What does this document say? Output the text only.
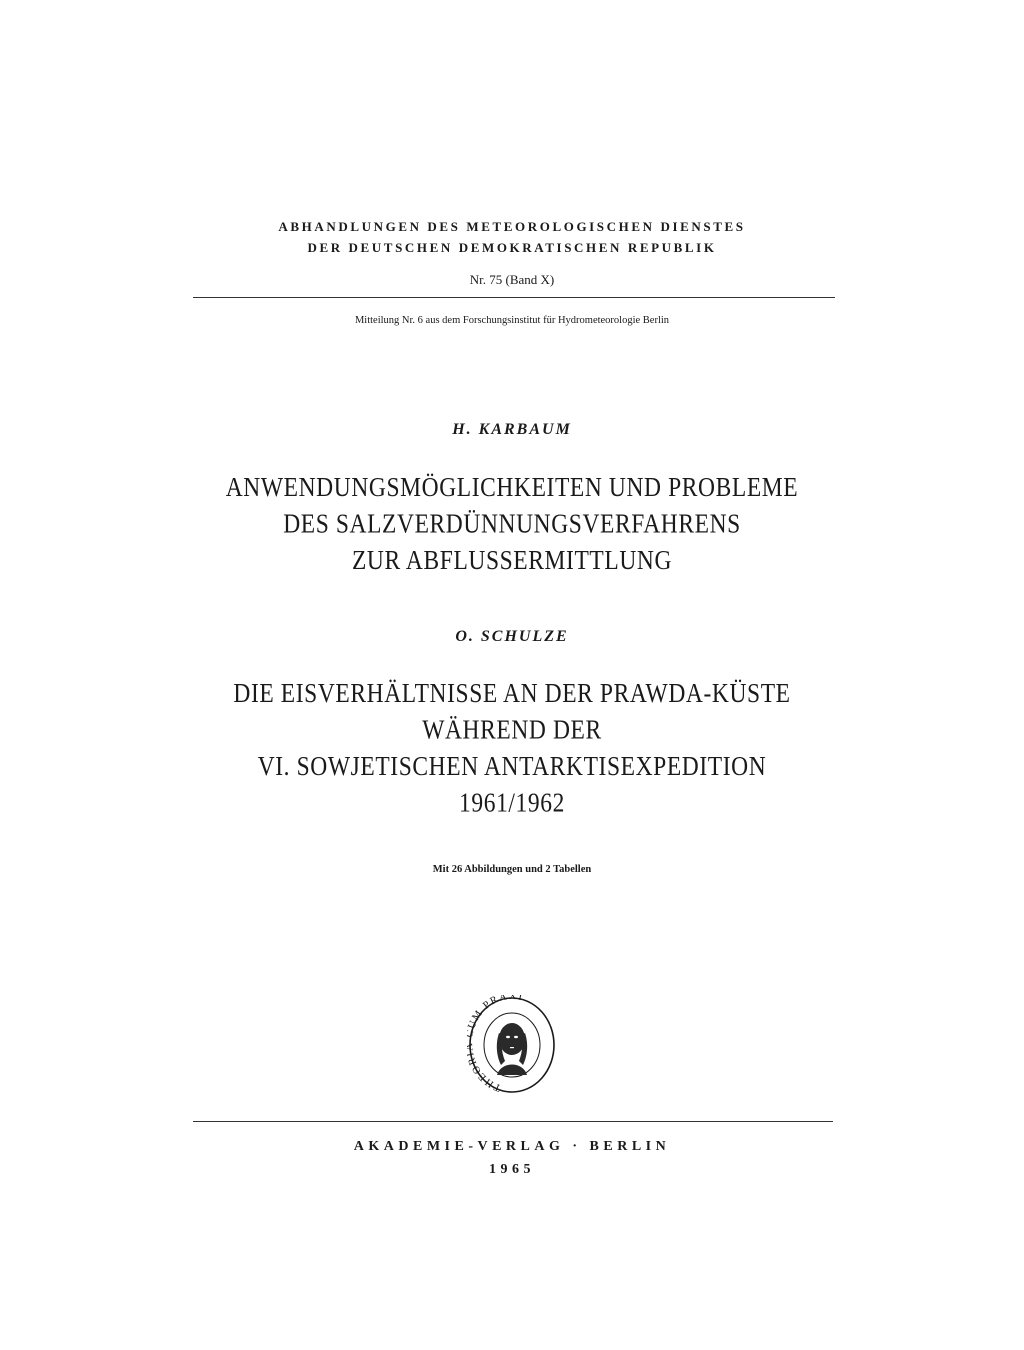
ABHANDLUNGEN DES METEOROLOGISCHEN DIENSTES
DER DEUTSCHEN DEMOKRATISCHEN REPUBLIK
Nr. 75 (Band X)
Mitteilung Nr. 6 aus dem Forschungsinstitut für Hydrometeorologie Berlin
H. KARBAUM
ANWENDUNGSMÖGLICHKEITEN UND PROBLEME
DES SALZVERDÜNNUNGSVERFAHRENS
ZUR ABFLUSSERMITTLUNG
O. SCHULZE
DIE EISVERHÄLTNISSE AN DER PRAWDA-KÜSTE
WÄHREND DER
VI. SOWJETISCHEN ANTARKTISEXPEDITION
1961/1962
Mit 26 Abbildungen und 2 Tabellen
THEOR UM PRAXI
AKADEMIE-VERLAG · BERLIN
1965
